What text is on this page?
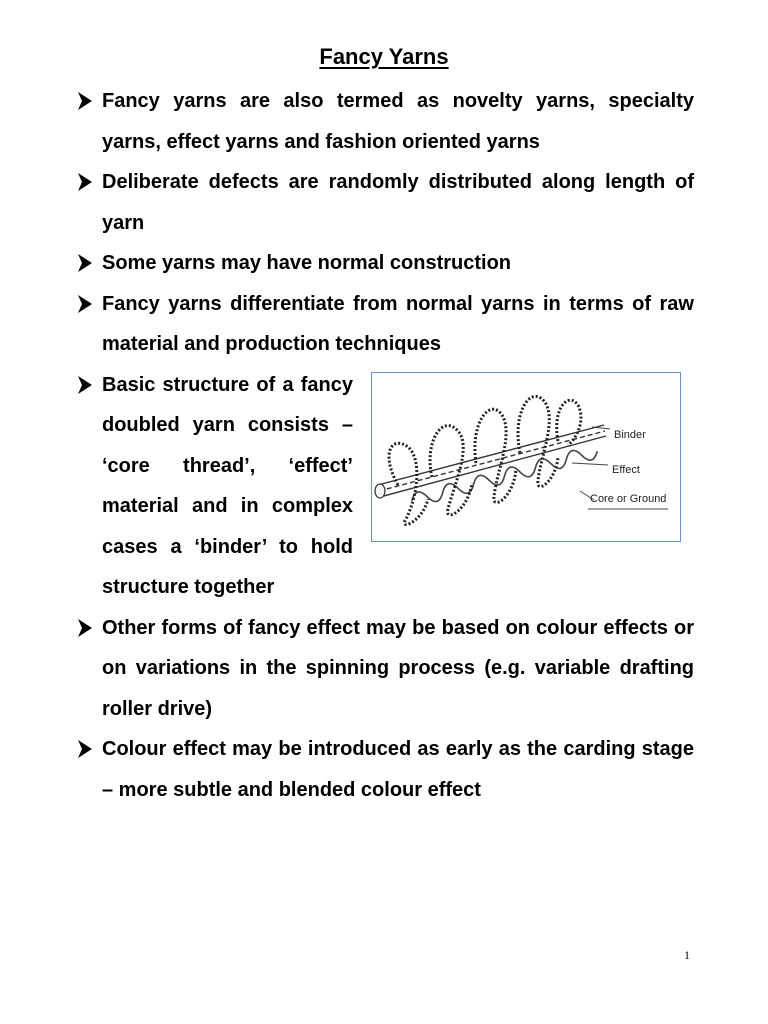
Fancy Yarns
Fancy yarns are also termed as novelty yarns, specialty yarns, effect yarns and fashion oriented yarns
Deliberate defects are randomly distributed along length of yarn
Some yarns may have normal construction
Fancy yarns differentiate from normal yarns in terms of raw material and production techniques
Binder
Effect
Core or Ground
Basic structure of a fancy doubled yarn consists – ‘core thread’, ‘effect’ material and in complex cases a ‘binder’ to hold structure together
Other forms of fancy effect may be based on colour effects or on variations in the spinning process (e.g. variable drafting roller drive)
Colour effect may be introduced as early as the carding stage – more subtle and blended colour effect
1
